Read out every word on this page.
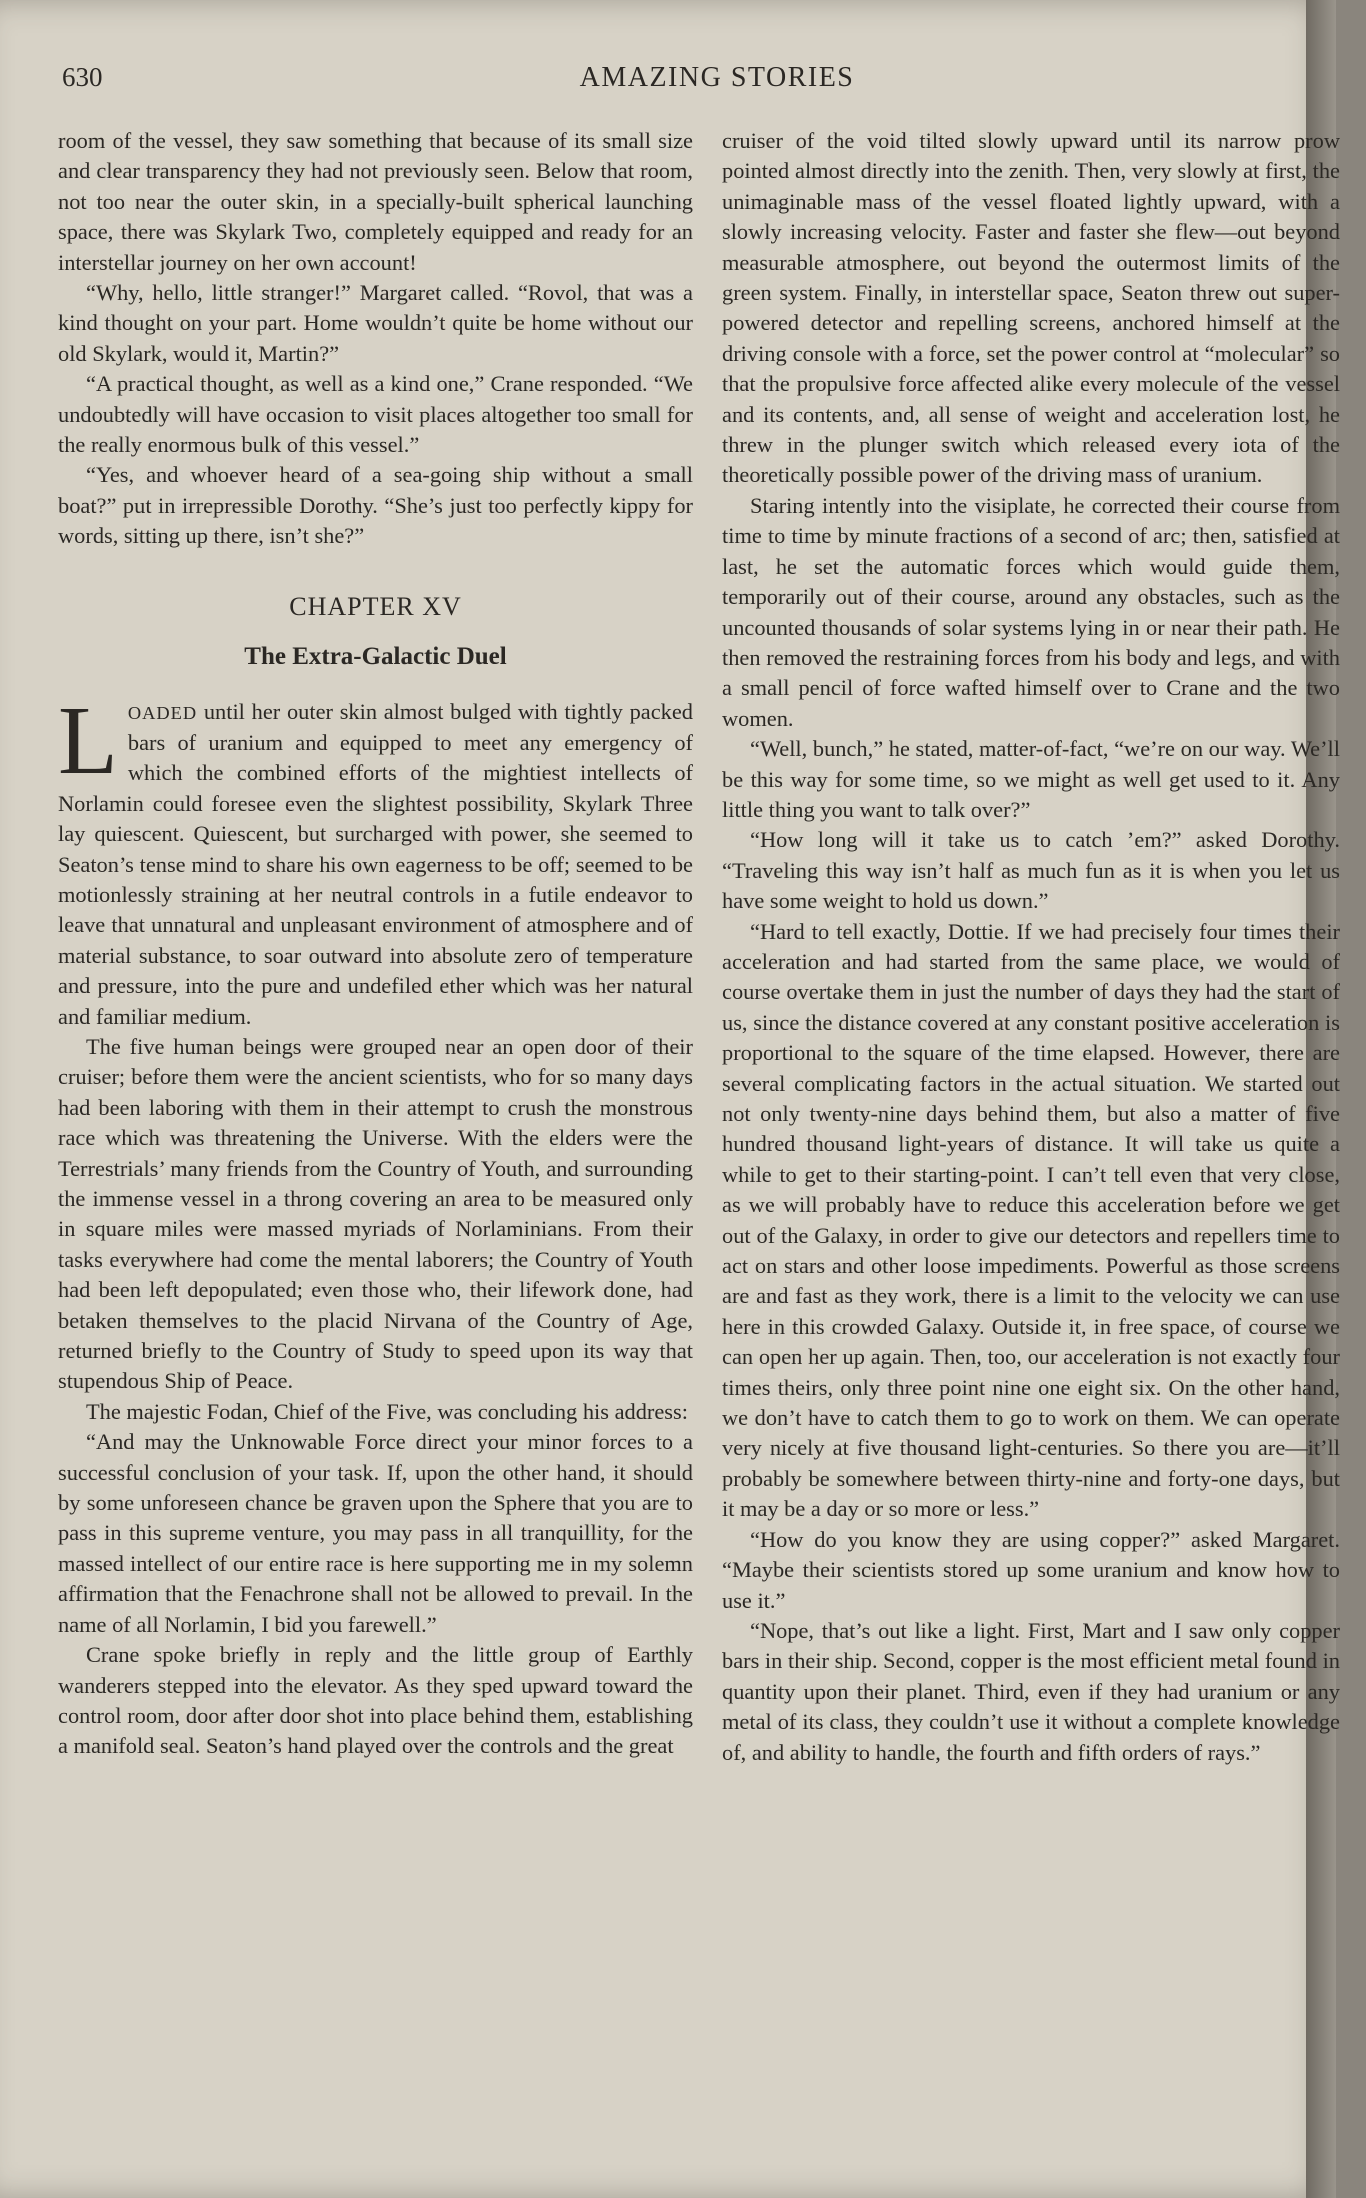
630	AMAZING STORIES

room of the vessel, they saw something that because of its small size and clear transparency they had not previously seen. Below that room, not too near the outer skin, in a specially-built spherical launching space, there was Skylark Two, completely equipped and ready for an interstellar journey on her own account!

“Why, hello, little stranger!” Margaret called. “Rovol, that was a kind thought on your part. Home wouldn’t quite be home without our old Skylark, would it, Martin?”

“A practical thought, as well as a kind one,” Crane responded. “We undoubtedly will have occasion to visit places altogether too small for the really enormous bulk of this vessel.”

“Yes, and whoever heard of a sea-going ship without a small boat?” put in irrepressible Dorothy. “She’s just too perfectly kippy for words, sitting up there, isn’t she?”

CHAPTER XV
The Extra-Galactic Duel

LOADED until her outer skin almost bulged with tightly packed bars of uranium and equipped to meet any emergency of which the combined efforts of the mightiest intellects of Norlamin could foresee even the slightest possibility, Skylark Three lay quiescent. Quiescent, but surcharged with power, she seemed to Seaton’s tense mind to share his own eagerness to be off; seemed to be motionlessly straining at her neutral controls in a futile endeavor to leave that unnatural and unpleasant environment of atmosphere and of material substance, to soar outward into absolute zero of temperature and pressure, into the pure and undefiled ether which was her natural and familiar medium.

The five human beings were grouped near an open door of their cruiser; before them were the ancient scientists, who for so many days had been laboring with them in their attempt to crush the monstrous race which was threatening the Universe. With the elders were the Terrestrials’ many friends from the Country of Youth, and surrounding the immense vessel in a throng covering an area to be measured only in square miles were massed myriads of Norlaminians. From their tasks everywhere had come the mental laborers; the Country of Youth had been left depopulated; even those who, their lifework done, had betaken themselves to the placid Nirvana of the Country of Age, returned briefly to the Country of Study to speed upon its way that stupendous Ship of Peace.

The majestic Fodan, Chief of the Five, was concluding his address:

“And may the Unknowable Force direct your minor forces to a successful conclusion of your task. If, upon the other hand, it should by some unforeseen chance be graven upon the Sphere that you are to pass in this supreme venture, you may pass in all tranquillity, for the massed intellect of our entire race is here supporting me in my solemn affirmation that the Fenachrone shall not be allowed to prevail. In the name of all Norlamin, I bid you farewell.”

Crane spoke briefly in reply and the little group of Earthly wanderers stepped into the elevator. As they sped upward toward the control room, door after door shot into place behind them, establishing a manifold seal. Seaton’s hand played over the controls and the great

cruiser of the void tilted slowly upward until its narrow prow pointed almost directly into the zenith. Then, very slowly at first, the unimaginable mass of the vessel floated lightly upward, with a slowly increasing velocity. Faster and faster she flew—out beyond measurable atmosphere, out beyond the outermost limits of the green system. Finally, in interstellar space, Seaton threw out super-powered detector and repelling screens, anchored himself at the driving console with a force, set the power control at “molecular” so that the propulsive force affected alike every molecule of the vessel and its contents, and, all sense of weight and acceleration lost, he threw in the plunger switch which released every iota of the theoretically possible power of the driving mass of uranium.

Staring intently into the visiplate, he corrected their course from time to time by minute fractions of a second of arc; then, satisfied at last, he set the automatic forces which would guide them, temporarily out of their course, around any obstacles, such as the uncounted thousands of solar systems lying in or near their path. He then removed the restraining forces from his body and legs, and with a small pencil of force wafted himself over to Crane and the two women.

“Well, bunch,” he stated, matter-of-fact, “we’re on our way. We’ll be this way for some time, so we might as well get used to it. Any little thing you want to talk over?”

“How long will it take us to catch ’em?” asked Dorothy. “Traveling this way isn’t half as much fun as it is when you let us have some weight to hold us down.”

“Hard to tell exactly, Dottie. If we had precisely four times their acceleration and had started from the same place, we would of course overtake them in just the number of days they had the start of us, since the distance covered at any constant positive acceleration is proportional to the square of the time elapsed. However, there are several complicating factors in the actual situation. We started out not only twenty-nine days behind them, but also a matter of five hundred thousand light-years of distance. It will take us quite a while to get to their starting-point. I can’t tell even that very close, as we will probably have to reduce this acceleration before we get out of the Galaxy, in order to give our detectors and repellers time to act on stars and other loose impediments. Powerful as those screens are and fast as they work, there is a limit to the velocity we can use here in this crowded Galaxy. Outside it, in free space, of course we can open her up again. Then, too, our acceleration is not exactly four times theirs, only three point nine one eight six. On the other hand, we don’t have to catch them to go to work on them. We can operate very nicely at five thousand light-centuries. So there you are—it’ll probably be somewhere between thirty-nine and forty-one days, but it may be a day or so more or less.”

“How do you know they are using copper?” asked Margaret. “Maybe their scientists stored up some uranium and know how to use it.”

“Nope, that’s out like a light. First, Mart and I saw only copper bars in their ship. Second, copper is the most efficient metal found in quantity upon their planet. Third, even if they had uranium or any metal of its class, they couldn’t use it without a complete knowledge of, and ability to handle, the fourth and fifth orders of rays.”
